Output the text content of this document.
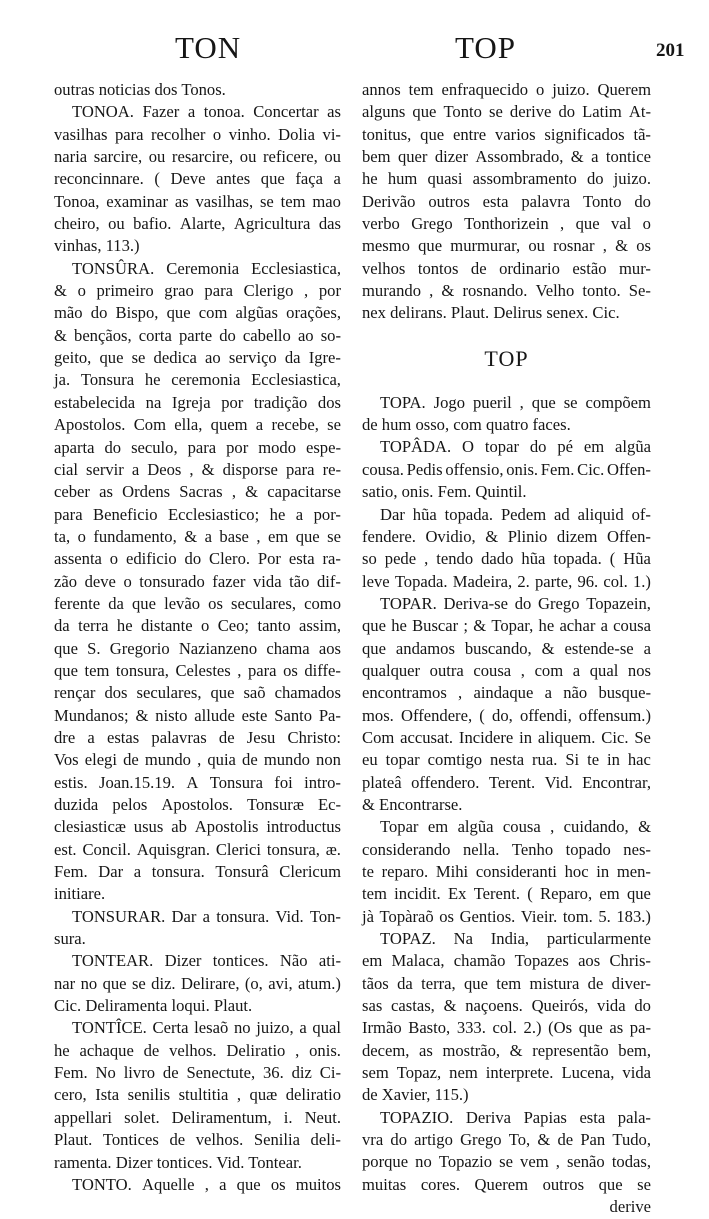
TON	TOP	201
outras noticias dos Tonos.
TONOA. Fazer a tonoa. Concertar as
vasilhas para recolher o vinho. Dolia vi-
naria sarcire, ou resarcire, ou reficere, ou
reconcinnare. ( Deve antes que faça a
Tonoa, examinar as vasilhas, se tem mao
cheiro, ou bafio. Alarte, Agricultura das
vinhas, 113.)
TONSÛRA. Ceremonia Ecclesiastica,
& o primeiro grao para Clerigo , por
mão do Bispo, que com algũas orações,
& bençãos, corta parte do cabello ao so-
geito, que se dedica ao serviço da Igre-
ja. Tonsura he ceremonia Ecclesiastica,
estabelecida na Igreja por tradição dos
Apostolos. Com ella, quem a recebe, se
aparta do seculo, para por modo espe-
cial servir a Deos , & disporse para re-
ceber as Ordens Sacras , & capacitarse
para Beneficio Ecclesiastico; he a por-
ta, o fundamento, & a base , em que se
assenta o edificio do Clero. Por esta ra-
zão deve o tonsurado fazer vida tão dif-
ferente da que levão os seculares, como
da terra he distante o Ceo; tanto assim,
que S. Gregorio Nazianzeno chama aos
que tem tonsura, Celestes , para os diffe-
rençar dos seculares, que saõ chamados
Mundanos; & nisto allude este Santo Pa-
dre a estas palavras de Jesu Christo:
Vos elegi de mundo , quia de mundo non
estis. Joan.15.19. A Tonsura foi intro-
duzida pelos Apostolos. Tonsuræ Ec-
clesiasticæ usus ab Apostolis introductus
est. Concil. Aquisgran. Clerici tonsura, æ.
Fem. Dar a tonsura. Tonsurâ Clericum
initiare.
TONSURAR. Dar a tonsura. Vid. Ton-
sura.
TONTEAR. Dizer tontices. Não ati-
nar no que se diz. Delirare, (o, avi, atum.)
Cic. Deliramenta loqui. Plaut.
TONTÎCE. Certa lesaõ no juizo, a qual
he achaque de velhos. Deliratio , onis.
Fem. No livro de Senectute, 36. diz Ci-
cero, Ista senilis stultitia , quæ deliratio
appellari solet. Deliramentum, i. Neut.
Plaut. Tontices de velhos. Senilia deli-
ramenta. Dizer tontices. Vid. Tontear.
TONTO. Aquelle , a que os muitos
annos tem enfraquecido o juizo. Querem
alguns que Tonto se derive do Latim At-
tonitus, que entre varios significados tã-
bem quer dizer Assombrado, & a tontice
he hum quasi assombramento do juizo.
Derivão outros esta palavra Tonto do
verbo Grego Tonthorizein , que val o
mesmo que murmurar, ou rosnar , & os
velhos tontos de ordinario estão mur-
murando , & rosnando. Velho tonto. Se-
nex delirans. Plaut. Delirus senex. Cic.
TOP
TOPA. Jogo pueril , que se compõem
de hum osso, com quatro faces.
TOPÂDA. O topar do pé em algũa
cousa. Pedis offensio, onis. Fem. Cic. Offen-
satio, onis. Fem. Quintil.
Dar hũa topada. Pedem ad aliquid of-
fendere. Ovidio, & Plinio dizem Offen-
so pede , tendo dado hũa topada. ( Hũa
leve Topada. Madeira, 2. parte, 96. col. 1.)
TOPAR. Deriva-se do Grego Topazein,
que he Buscar ; & Topar, he achar a cousa
que andamos buscando, & estende-se a
qualquer outra cousa , com a qual nos
encontramos , aindaque a não busque-
mos. Offendere, ( do, offendi, offensum.)
Com accusat. Incidere in aliquem. Cic. Se
eu topar comtigo nesta rua. Si te in hac
plateâ offendero. Terent. Vid. Encontrar,
& Encontrarse.
Topar em algũa cousa , cuidando, &
considerando nella. Tenho topado nes-
te reparo. Mihi consideranti hoc in men-
tem incidit. Ex Terent. ( Reparo, em que
jà Topàraõ os Gentios. Vieir. tom. 5. 183.)
TOPAZ. Na India, particularmente
em Malaca, chamão Topazes aos Chris-
tãos da terra, que tem mistura de diver-
sas castas, & naçoens. Queirós, vida do
Irmão Basto, 333. col. 2.) (Os que as pa-
decem, as mostrão, & representão bem,
sem Topaz, nem interprete. Lucena, vida
de Xavier, 115.)
TOPAZIO. Deriva Papias esta pala-
vra do artigo Grego To, & de Pan Tudo,
porque no Topazio se vem , senão todas,
muitas cores. Querem outros que se
derive
